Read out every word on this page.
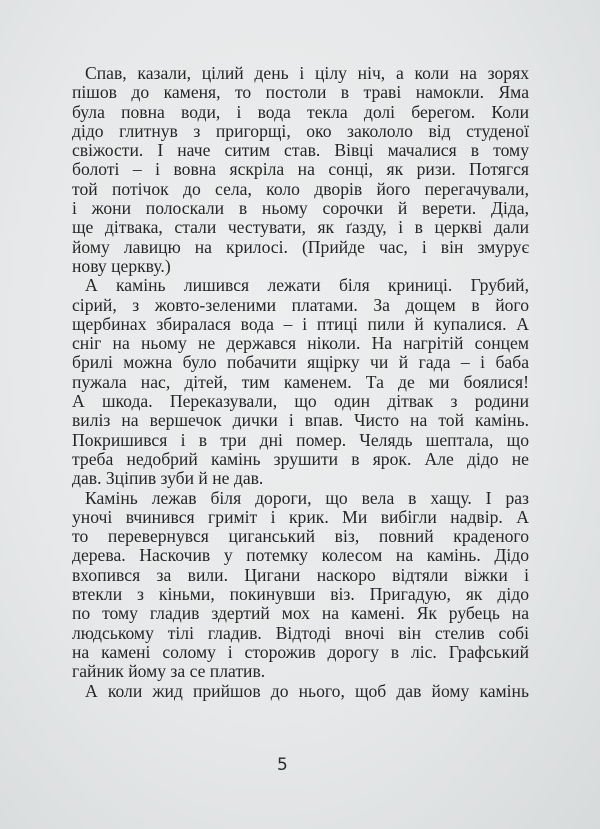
Спав, казали, цілий день і цілу ніч, а коли на зорях
пішов до каменя, то постоли в траві намокли. Яма
була повна води, і вода текла долі берегом. Коли
дідо глитнув з пригорщі, око закололо від студеної
свіжости. І наче ситим став. Вівці мачалися в тому
болоті – і вовна яскріла на сонці, як ризи. Потягся
той потічок до села, коло дворів його перегачували,
і жони полоскали в ньому сорочки й верети. Діда,
ще дітвака, стали честувати, як ґазду, і в церкві дали
йому лавицю на крилосі. (Прийде час, і він змурує
нову церкву.)
А камінь лишився лежати біля криниці. Грубий,
сірий, з жовто-зеленими платами. За дощем в його
щербинах збиралася вода – і птиці пили й купалися. А
сніг на ньому не держався ніколи. На нагрітій сонцем
брилі можна було побачити ящірку чи й гада – і баба
пужала нас, дітей, тим каменем. Та де ми боялися!
А шкода. Переказували, що один дітвак з родини
виліз на вершечок дички і впав. Чисто на той камінь.
Покришився і в три дні помер. Челядь шептала, що
треба недобрий камінь зрушити в ярок. Але дідо не
дав. Зціпив зуби й не дав.
Камінь лежав біля дороги, що вела в хащу. І раз
уночі вчинився гриміт і крик. Ми вибігли надвір. А
то перевернувся циганський віз, повний краденого
дерева. Наскочив у потемку колесом на камінь. Дідо
вхопився за вили. Цигани наскоро відтяли віжки і
втекли з кіньми, покинувши віз. Пригадую, як дідо
по тому гладив здертий мох на камені. Як рубець на
людському тілі гладив. Відтоді вночі він стелив собі
на камені солому і сторожив дорогу в ліс. Графський
гайник йому за се платив.
А коли жид прийшов до нього, щоб дав йому камінь
5
